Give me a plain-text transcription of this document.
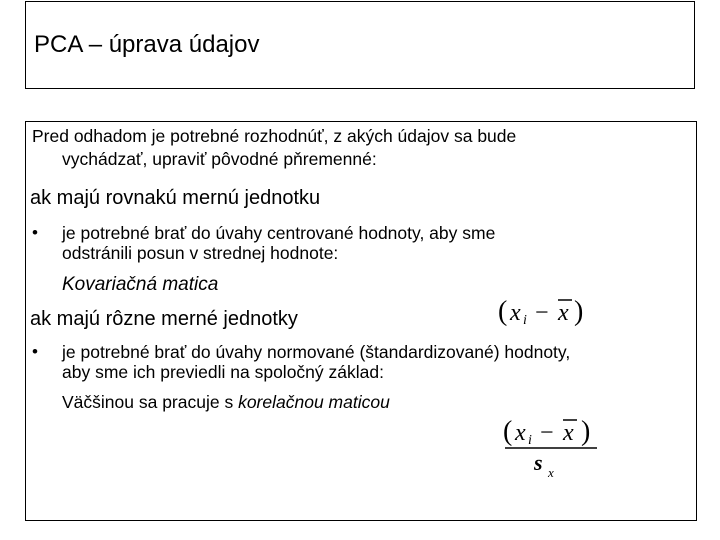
PCA – úprava údajov

Pred odhadom je potrebné rozhodnúť, z akých údajov sa bude

vychádzať, upraviť pôvodné pňremenné:

ak majú rovnakú mernú jednotku

• je potrebné brať do úvahy centrované hodnoty, aby sme

odstránili posun v strednej hodnote:

Kovariačná matica

ak majú rôzne merné jednotky

• je potrebné brať do úvahy normované (štandardizované) hodnoty,

aby sme ich previedli na spoločný základ:

Väčšinou sa pracuje s korelačnou maticou

( x i − x )
( x i − x )
s x
